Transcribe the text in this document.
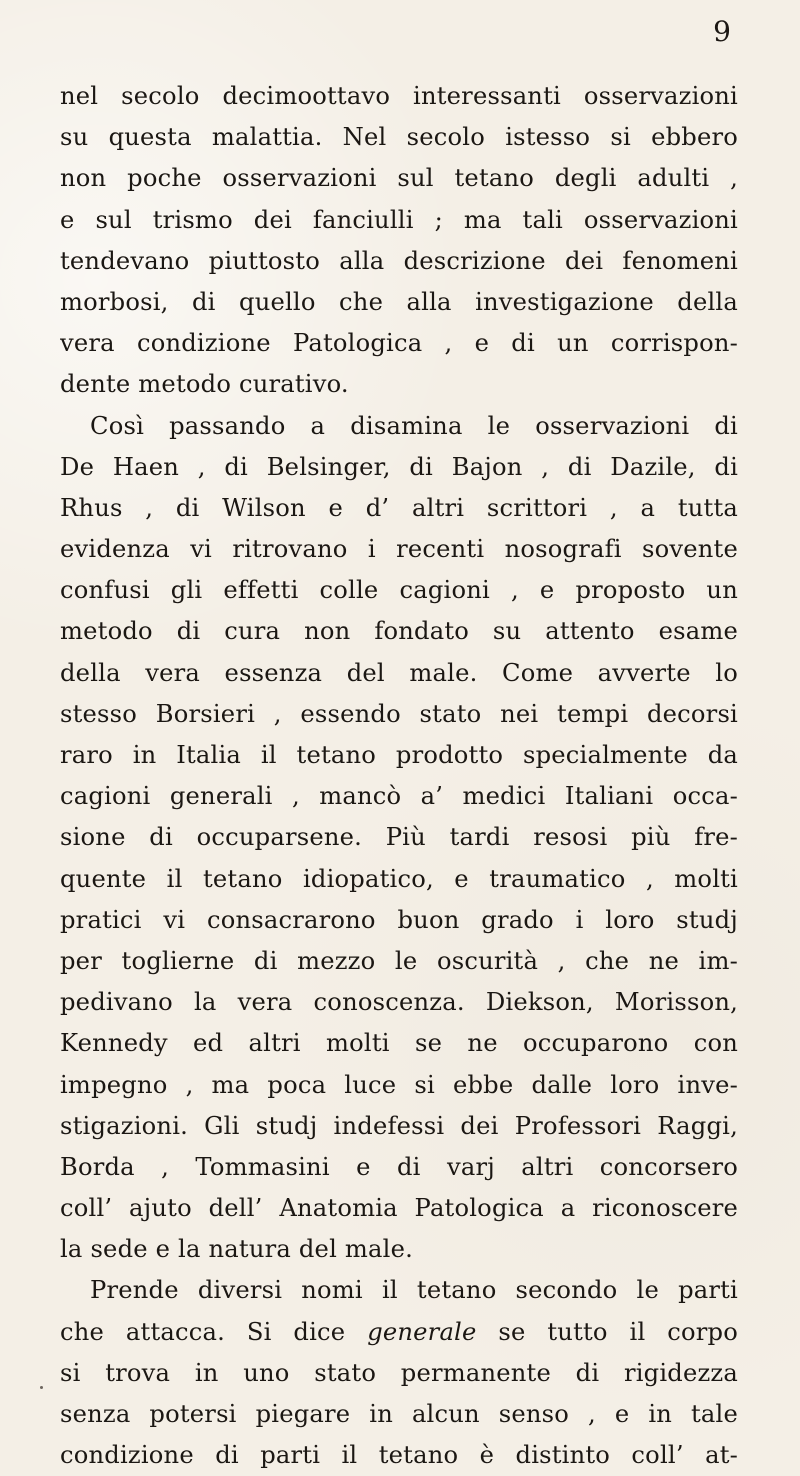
9
nel secolo decimoottavo interessanti osservazioni
su questa malattia. Nel secolo istesso si ebbero
non poche osservazioni sul tetano degli adulti ,
e sul trismo dei fanciulli ; ma tali osservazioni
tendevano piuttosto alla descrizione dei fenomeni
morbosi, di quello che alla investigazione della
vera condizione Patologica , e di un corrispon-
dente metodo curativo.
Così passando a disamina le osservazioni di
De Haen , di Belsinger, di Bajon , di Dazile, di
Rhus , di Wilson e d’ altri scrittori , a tutta
evidenza vi ritrovano i recenti nosografi sovente
confusi gli effetti colle cagioni , e proposto un
metodo di cura non fondato su attento esame
della vera essenza del male. Come avverte lo
stesso Borsieri , essendo stato nei tempi decorsi
raro in Italia il tetano prodotto specialmente da
cagioni generali , mancò a’ medici Italiani occa-
sione di occuparsene. Più tardi resosi più fre-
quente il tetano idiopatico, e traumatico , molti
pratici vi consacrarono buon grado i loro studj
per toglierne di mezzo le oscurità , che ne im-
pedivano la vera conoscenza. Diekson, Morisson,
Kennedy ed altri molti se ne occuparono con
impegno , ma poca luce si ebbe dalle loro inve-
stigazioni. Gli studj indefessi dei Professori Raggi,
Borda , Tommasini e di varj altri concorsero
coll’ ajuto dell’ Anatomia Patologica a riconoscere
la sede e la natura del male.
Prende diversi nomi il tetano secondo le parti
che attacca. Si dice generale se tutto il corpo
si trova in uno stato permanente di rigidezza
senza potersi piegare in alcun senso , e in tale
condizione di parti il tetano è distinto coll’ at-
